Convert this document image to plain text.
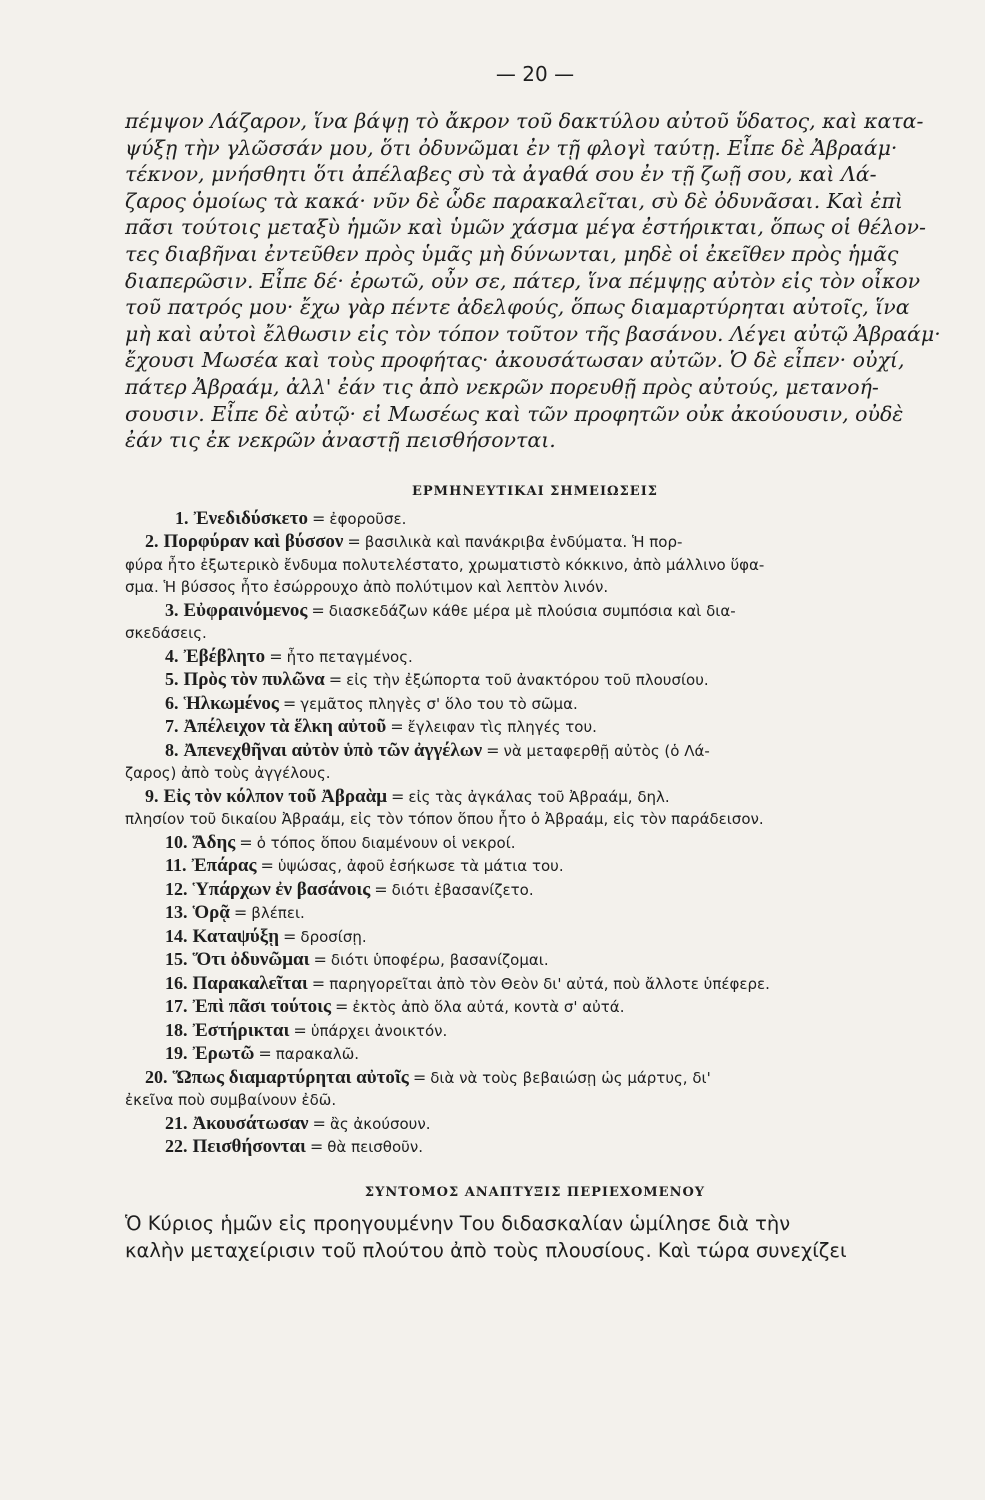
— 20 —
πέμψον Λάζαρον, ἵνα βάψῃ τὸ ἄκρον τοῦ δακτύλου αὐτοῦ ὕδατος, καὶ κατα-
ψύξῃ τὴν γλῶσσάν μου, ὅτι ὀδυνῶμαι ἐν τῇ φλογὶ ταύτῃ. Εἶπε δὲ Ἀβραάμ·
τέκνον, μνήσθητι ὅτι ἀπέλαβες σὺ τὰ ἀγαθά σου ἐν τῇ ζωῇ σου, καὶ Λά-
ζαρος ὁμοίως τὰ κακά· νῦν δὲ ὧδε παρακαλεῖται, σὺ δὲ ὀδυνᾶσαι. Καὶ ἐπὶ
πᾶσι τούτοις μεταξὺ ἡμῶν καὶ ὑμῶν χάσμα μέγα ἐστήρικται, ὅπως οἱ θέλον-
τες διαβῆναι ἐντεῦθεν πρὸς ὑμᾶς μὴ δύνωνται, μηδὲ οἱ ἐκεῖθεν πρὸς ἡμᾶς
διαπερῶσιν. Εἶπε δέ· ἐρωτῶ, οὖν σε, πάτερ, ἵνα πέμψῃς αὐτὸν εἰς τὸν οἶκον
τοῦ πατρός μου· ἔχω γὰρ πέντε ἀδελφούς, ὅπως διαμαρτύρηται αὐτοῖς, ἵνα
μὴ καὶ αὐτοὶ ἔλθωσιν εἰς τὸν τόπον τοῦτον τῆς βασάνου. Λέγει αὐτῷ Ἀβραάμ·
ἔχουσι Μωσέα καὶ τοὺς προφήτας· ἀκουσάτωσαν αὐτῶν. Ὁ δὲ εἶπεν· οὐχί,
πάτερ Ἀβραάμ, ἀλλ' ἐάν τις ἀπὸ νεκρῶν πορευθῇ πρὸς αὐτούς, μετανοή-
σουσιν. Εἶπε δὲ αὐτῷ· εἰ Μωσέως καὶ τῶν προφητῶν οὐκ ἀκούουσιν, οὐδὲ
ἐάν τις ἐκ νεκρῶν ἀναστῇ πεισθήσονται.
ΕΡΜΗΝΕΥΤΙΚΑΙ ΣΗΜΕΙΩΣΕΙΣ

1. Ἐνεδιδύσκετο = ἐφοροῦσε.

2. Πορφύραν καὶ βύσσον = βασιλικὰ καὶ πανάκριβα ἐνδύματα. Ἡ πορ-

φύρα ἦτο ἐξωτερικὸ ἔνδυμα πολυτελέστατο, χρωματιστὸ κόκκινο, ἀπὸ μάλλινο ὕφα-

σμα. Ἡ βύσσος ἦτο ἐσώρρουχο ἀπὸ πολύτιμον καὶ λεπτὸν λινόν.

3. Εὐφραινόμενος = διασκεδάζων κάθε μέρα μὲ πλούσια συμπόσια καὶ δια-

σκεδάσεις.

4. Ἐβέβλητο = ἦτο πεταγμένος.

5. Πρὸς τὸν πυλῶνα = εἰς τὴν ἐξώπορτα τοῦ ἀνακτόρου τοῦ πλουσίου.

6. Ἡλκωμένος = γεμᾶτος πληγὲς σ' ὅλο του τὸ σῶμα.

7. Ἀπέλειχον τὰ ἕλκη αὐτοῦ = ἔγλειφαν τὶς πληγές του.

8. Ἀπενεχθῆναι αὐτὸν ὑπὸ τῶν ἀγγέλων = νὰ μεταφερθῇ αὐτὸς (ὁ Λά-

ζαρος) ἀπὸ τοὺς ἀγγέλους.

9. Εἰς τὸν κόλπον τοῦ Ἀβραὰμ = εἰς τὰς ἀγκάλας τοῦ Ἀβραάμ, δηλ.

πλησίον τοῦ δικαίου Ἀβραάμ, εἰς τὸν τόπον ὅπου ἦτο ὁ Ἀβραάμ, εἰς τὸν παράδεισον.

10. Ἅδης = ὁ τόπος ὅπου διαμένουν οἱ νεκροί.

11. Ἐπάρας = ὑψώσας, ἀφοῦ ἐσήκωσε τὰ μάτια του.

12. Ὑπάρχων ἐν βασάνοις = διότι ἐβασανίζετο.

13. Ὁρᾷ = βλέπει.

14. Καταψύξῃ = δροσίσῃ.

15. Ὅτι ὀδυνῶμαι = διότι ὑποφέρω, βασανίζομαι.

16. Παρακαλεῖται = παρηγορεῖται ἀπὸ τὸν Θεὸν δι' αὐτά, ποὺ ἄλλοτε ὑπέφερε.

17. Ἐπὶ πᾶσι τούτοις = ἐκτὸς ἀπὸ ὅλα αὐτά, κοντὰ σ' αὐτά.

18. Ἐστήρικται = ὑπάρχει ἀνοικτόν.

19. Ἐρωτῶ = παρακαλῶ.

20. Ὥπως διαμαρτύρηται αὐτοῖς = διὰ νὰ τοὺς βεβαιώσῃ ὡς μάρτυς, δι'

ἐκεῖνα ποὺ συμβαίνουν ἐδῶ.

21. Ἀκουσάτωσαν = ἂς ἀκούσουν.

22. Πεισθήσονται = θὰ πεισθοῦν.

ΣΥΝΤΟΜΟΣ ΑΝΑΠΤΥΞΙΣ ΠΕΡΙΕΧΟΜΕΝΟΥ
Ὁ Κύριος ἡμῶν εἰς προηγουμένην Του διδασκαλίαν ὡμίλησε διὰ τὴν
καλὴν μεταχείρισιν τοῦ πλούτου ἀπὸ τοὺς πλουσίους. Καὶ τώρα συνεχίζει
